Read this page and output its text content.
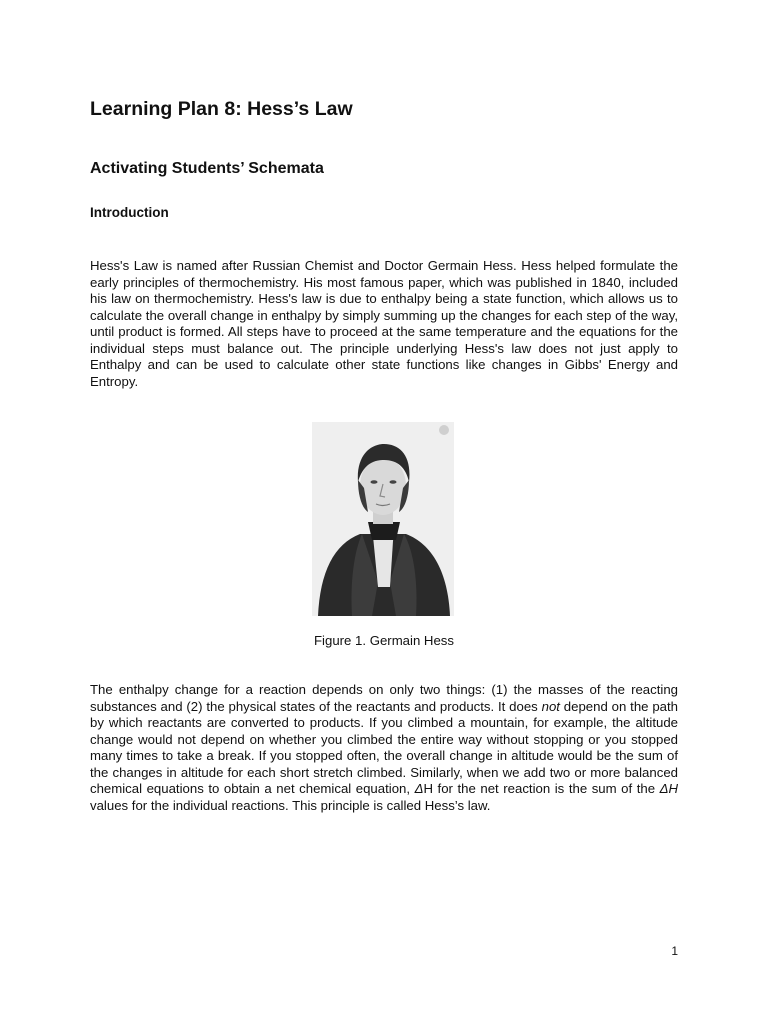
Learning Plan 8: Hess’s Law
Activating Students’ Schemata
Introduction

Hess's Law is named after Russian Chemist and Doctor Germain Hess. Hess helped formulate the early principles of thermochemistry. His most famous paper, which was published in 1840, included his law on thermochemistry. Hess's law is due to enthalpy being a state function, which allows us to calculate the overall change in enthalpy by simply summing up the changes for each step of the way, until product is formed. All steps have to proceed at the same temperature and the equations for the individual steps must balance out. The principle underlying Hess's law does not just apply to Enthalpy and can be used to calculate other state functions like changes in Gibbs' Energy and Entropy.

Figure 1. Germain Hess

The enthalpy change for a reaction depends on only two things: (1) the masses of the reacting substances and (2) the physical states of the reactants and products. It does not depend on the path by which reactants are converted to products. If you climbed a mountain, for example, the altitude change would not depend on whether you climbed the entire way without stopping or you stopped many times to take a break. If you stopped often, the overall change in altitude would be the sum of the changes in altitude for each short stretch climbed. Similarly, when we add two or more balanced chemical equations to obtain a net chemical equation, ΔH for the net reaction is the sum of the ΔH values for the individual reactions. This principle is called Hess’s law.

1
